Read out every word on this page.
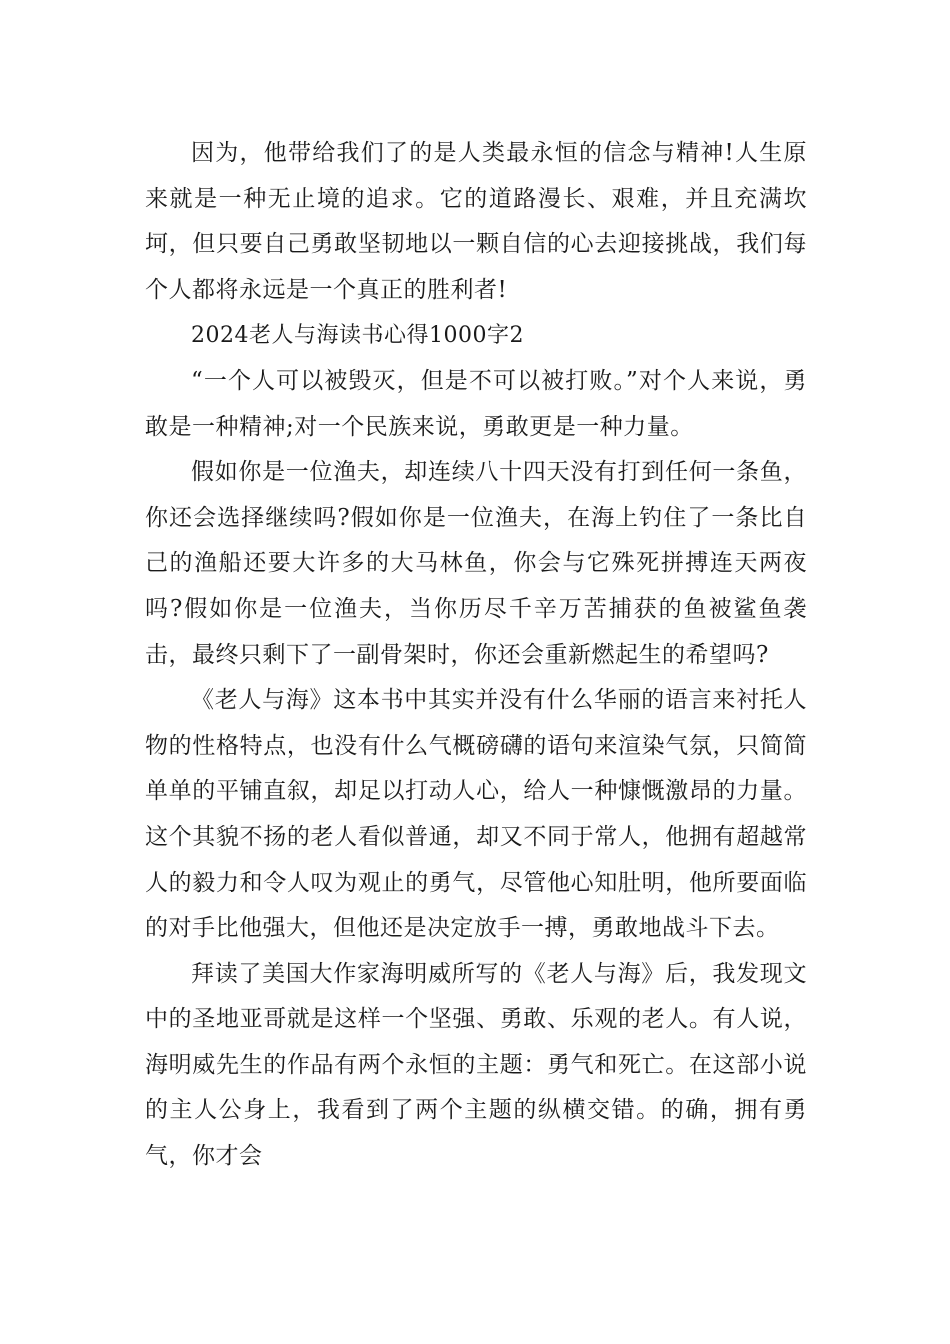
因为，他带给我们了的是人类最永恒的信念与精神!人生原来就是一种无止境的追求。它的道路漫长、艰难，并且充满坎坷，但只要自己勇敢坚韧地以一颗自信的心去迎接挑战，我们每个人都将永远是一个真正的胜利者!

2024老人与海读书心得1000字2

“一个人可以被毁灭，但是不可以被打败。”对个人来说，勇敢是一种精神;对一个民族来说，勇敢更是一种力量。

假如你是一位渔夫，却连续八十四天没有打到任何一条鱼，你还会选择继续吗?假如你是一位渔夫，在海上钓住了一条比自己的渔船还要大许多的大马林鱼，你会与它殊死拼搏连天两夜吗?假如你是一位渔夫，当你历尽千辛万苦捕获的鱼被鲨鱼袭击，最终只剩下了一副骨架时，你还会重新燃起生的希望吗?

《老人与海》这本书中其实并没有什么华丽的语言来衬托人物的性格特点，也没有什么气概磅礴的语句来渲染气氛，只简简单单的平铺直叙，却足以打动人心，给人一种慷慨激昂的力量。这个其貌不扬的老人看似普通，却又不同于常人，他拥有超越常人的毅力和令人叹为观止的勇气，尽管他心知肚明，他所要面临的对手比他强大，但他还是决定放手一搏，勇敢地战斗下去。

拜读了美国大作家海明威所写的《老人与海》后，我发现文中的圣地亚哥就是这样一个坚强、勇敢、乐观的老人。有人说，海明威先生的作品有两个永恒的主题：勇气和死亡。在这部小说的主人公身上，我看到了两个主题的纵横交错。的确，拥有勇气，你才会
